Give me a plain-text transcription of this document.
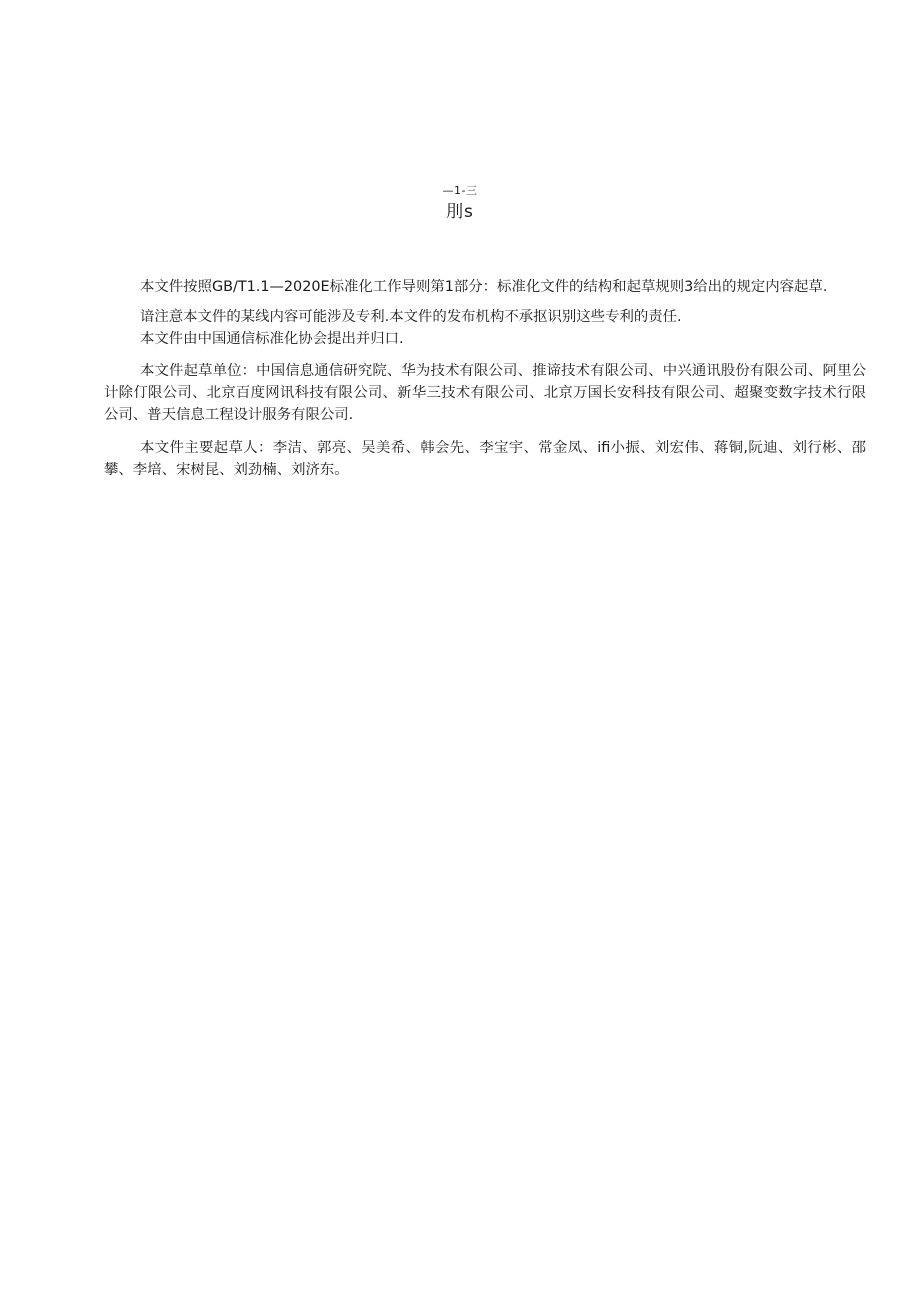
—1-三
刖s

本文件按照GB/T1.1—2020E标准化工作导则第1部分：标准化文件的结构和起草规则3给出的规定内容起草.

谙注意本文件的某线内容可能涉及专利.本文件的发布机构不承抠识别这些专利的责任.

本文件由中国通信标准化协会提出并归口.

本文件起草单位：中国信息通信研究院、华为技术有限公司、推谛技术有限公司、中兴通讯股份有限公司、阿里公计除仃限公司、北京百度网讯科技有限公司、新华三技术有限公司、北京万国长安科技有限公司、超聚变数字技术行限公司、普天信息工程设计服务有限公司.

本文件主要起草人：李洁、郭亮、吴美希、韩会先、李宝宇、常金凤、ifi小振、刘宏伟、蒋铜,阮迪、刘行彬、邵攀、李培、宋树昆、刘劲楠、刘济东。
